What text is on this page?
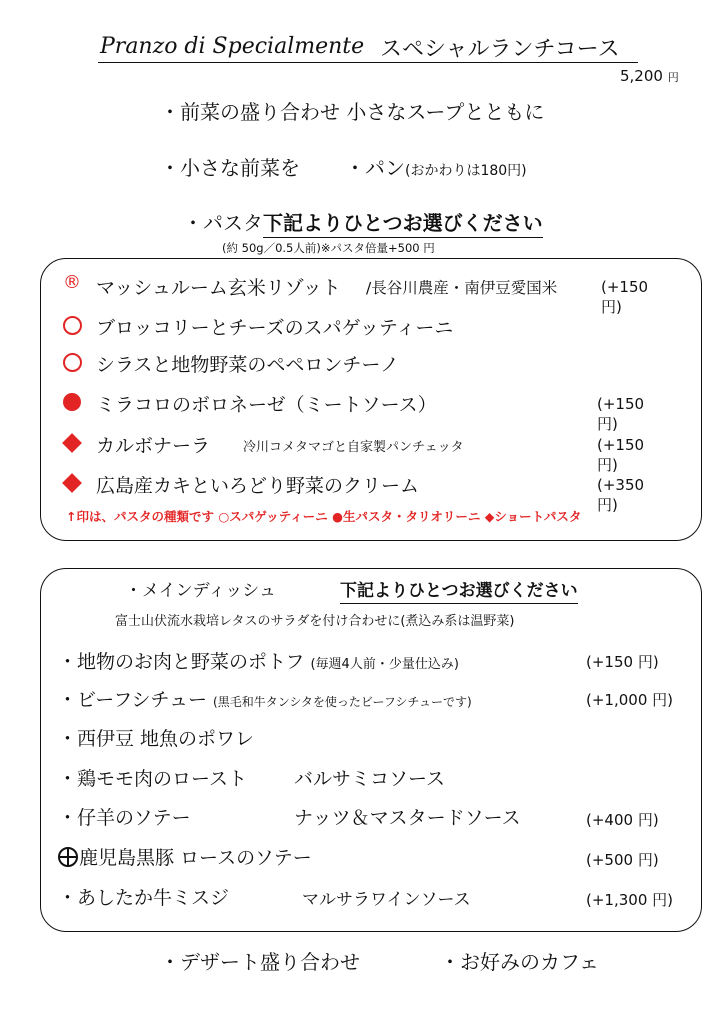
Pranzo di Specialmente スペシャルランチコース
5,200 円
・前菜の盛り合わせ 小さなスープとともに
・小さな前菜を ・パン(おかわりは180円)
・パスタ下記よりひとつお選びください
(約 50g／0.5人前)※パスタ倍量+500 円
® マッシュルーム玄米リゾット /長谷川農産・南伊豆愛国米	(+150 円)
ブロッコリーとチーズのスパゲッティーニ
シラスと地物野菜のペペロンチーノ
ミラコロのボロネーゼ（ミートソース）	(+150 円)
カルボナーラ	冷川コメタマゴと自家製パンチェッタ	(+150 円)
広島産カキといろどり野菜のクリーム	(+350 円)
↑印は、パスタの種類です ○スパゲッティーニ ●生パスタ・タリオリーニ ◆ショートパスタ
・メインディッシュ	下記よりひとつお選びください
富士山伏流水栽培レタスのサラダを付け合わせに(煮込み系は温野菜)
・地物のお肉と野菜のポトフ (毎週4人前・少量仕込み)	(+150 円)
・ビーフシチュー (黒毛和牛タンシタを使ったビーフシチューです)	(+1,000 円)
・西伊豆 地魚のポワレ
・鶏モモ肉のロースト バルサミコソース
・仔羊のソテー	ナッツ＆マスタードソース	(+400 円)
鹿児島黒豚 ロースのソテー	(+500 円)
・あしたか牛ミスジ	マルサラワインソース	(+1,300 円)
・デザート盛り合わせ	・お好みのカフェ
